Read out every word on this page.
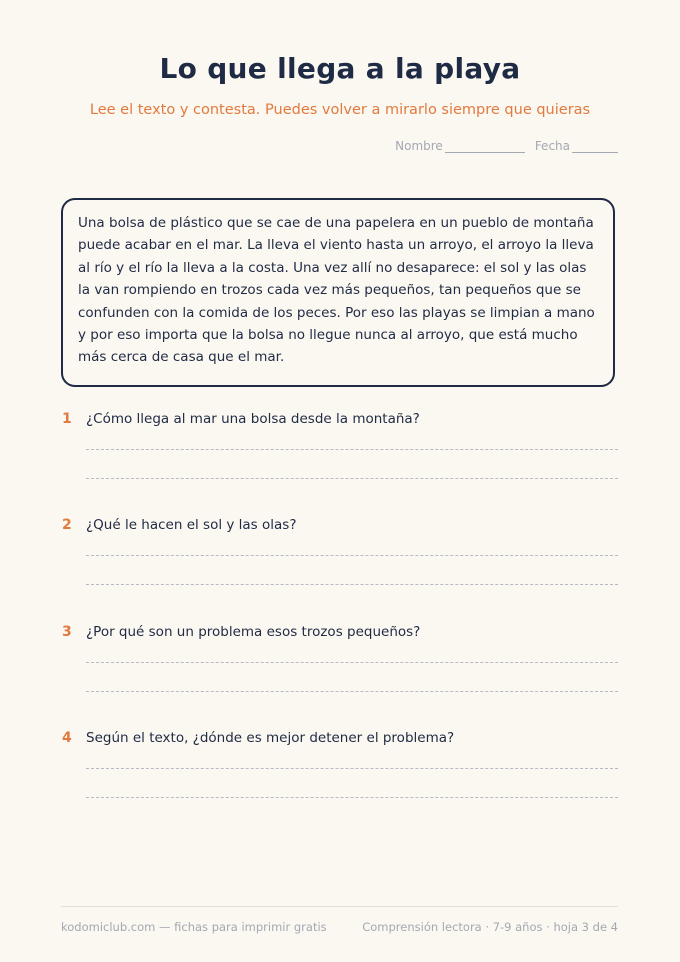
Lo que llega a la playa
Lee el texto y contesta. Puedes volver a mirarlo siempre que quieras
Nombre	Fecha
Una bolsa de plástico que se cae de una papelera en un pueblo de montaña puede acabar en el mar. La lleva el viento hasta un arroyo, el arroyo la lleva al río y el río la lleva a la costa. Una vez allí no desaparece: el sol y las olas la van rompiendo en trozos cada vez más pequeños, tan pequeños que se confunden con la comida de los peces. Por eso las playas se limpian a mano y por eso importa que la bolsa no llegue nunca al arroyo, que está mucho más cerca de casa que el mar.
1 ¿Cómo llega al mar una bolsa desde la montaña?
2 ¿Qué le hacen el sol y las olas?
3 ¿Por qué son un problema esos trozos pequeños?
4 Según el texto, ¿dónde es mejor detener el problema?
kodomiclub.com — fichas para imprimir gratis	Comprensión lectora · 7-9 años · hoja 3 de 4
